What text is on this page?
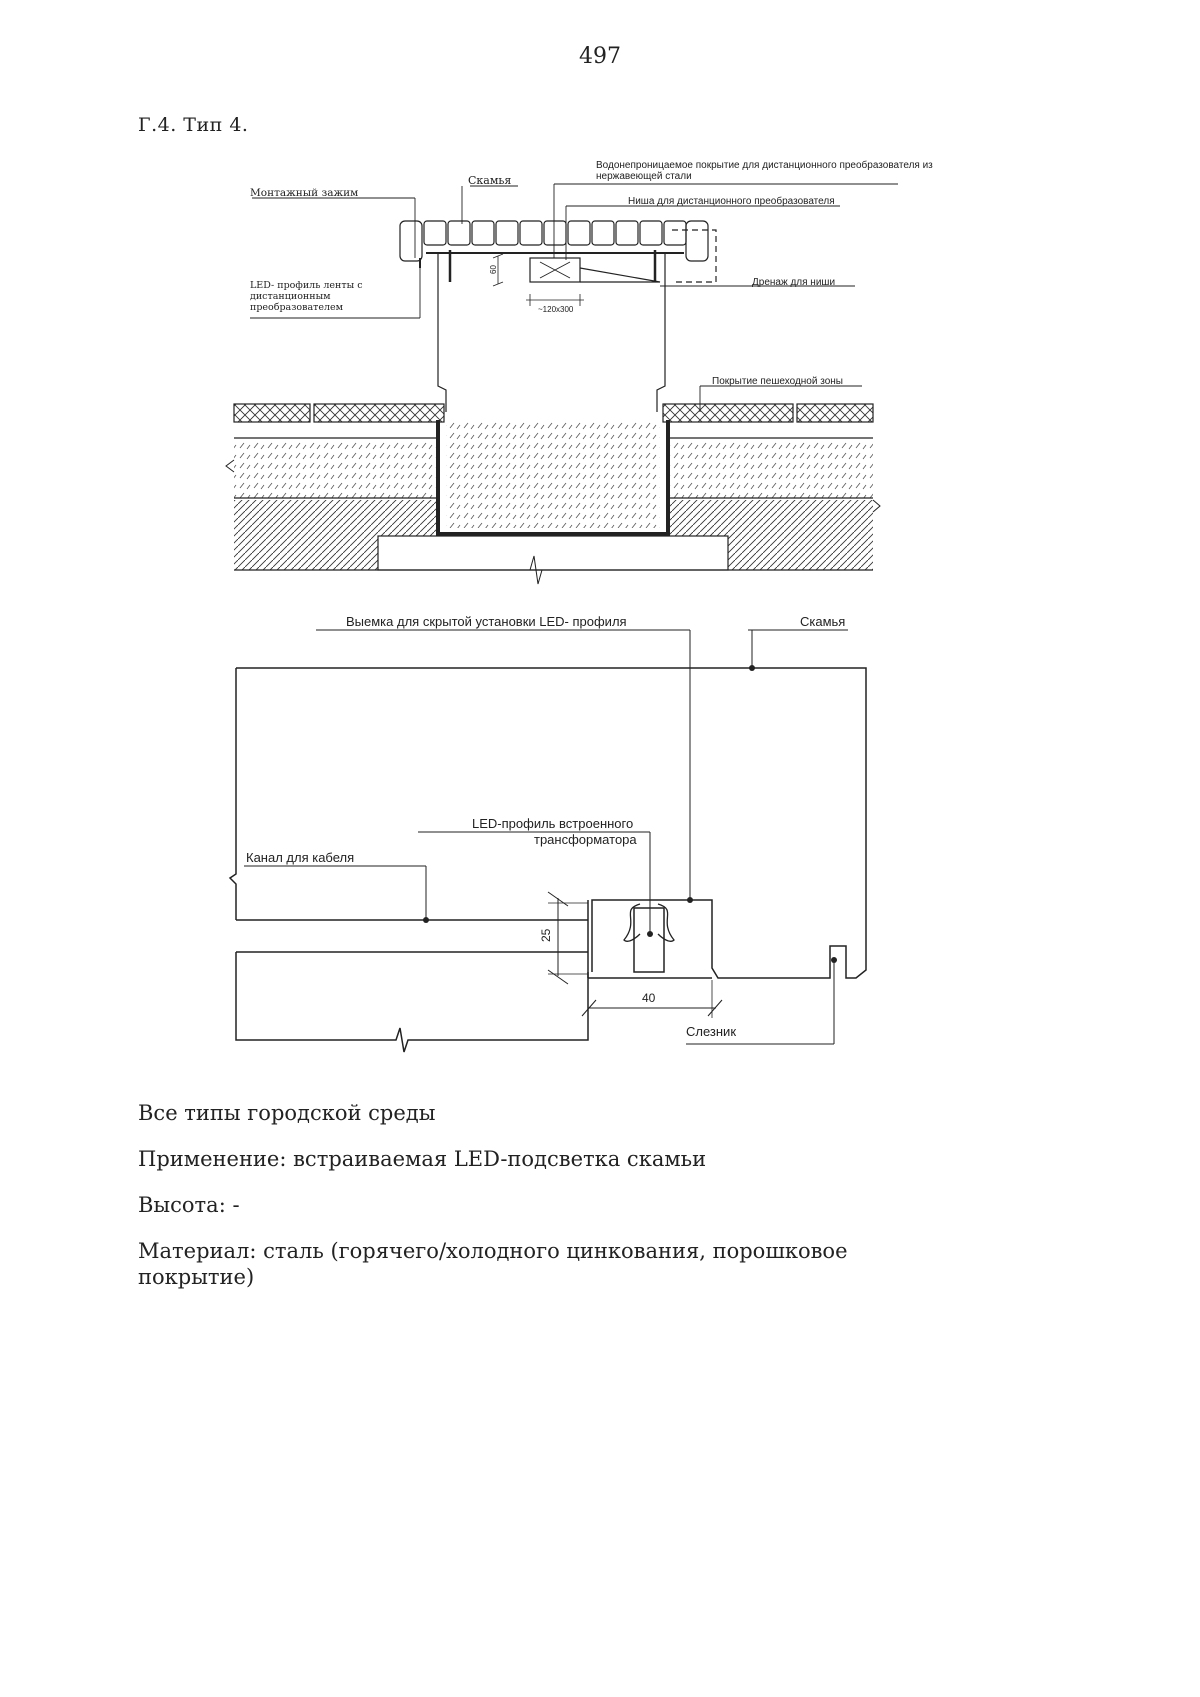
497
Г.4. Тип 4.
Водонепроницаемое покрытие для дистанционного преобразователя из
нержавеющей стали
Скамья
Монтажный зажим
Ниша для дистанционного преобразователя
Дренаж для ниши
LED- профиль ленты с
дистанционным
преобразователем
Покрытие пешеходной зоны
60
~120x300
Выемка для скрытой установки LED- профиля	Скамья
LED-профиль встроенного
трансформатора
Канал для кабеля
25
40
Слезник

Все типы городской среды

Применение: встраиваемая LED-подсветка скамьи

Высота: -

Материал: сталь (горячего/холодного цинкования, порошковое покрытие)
